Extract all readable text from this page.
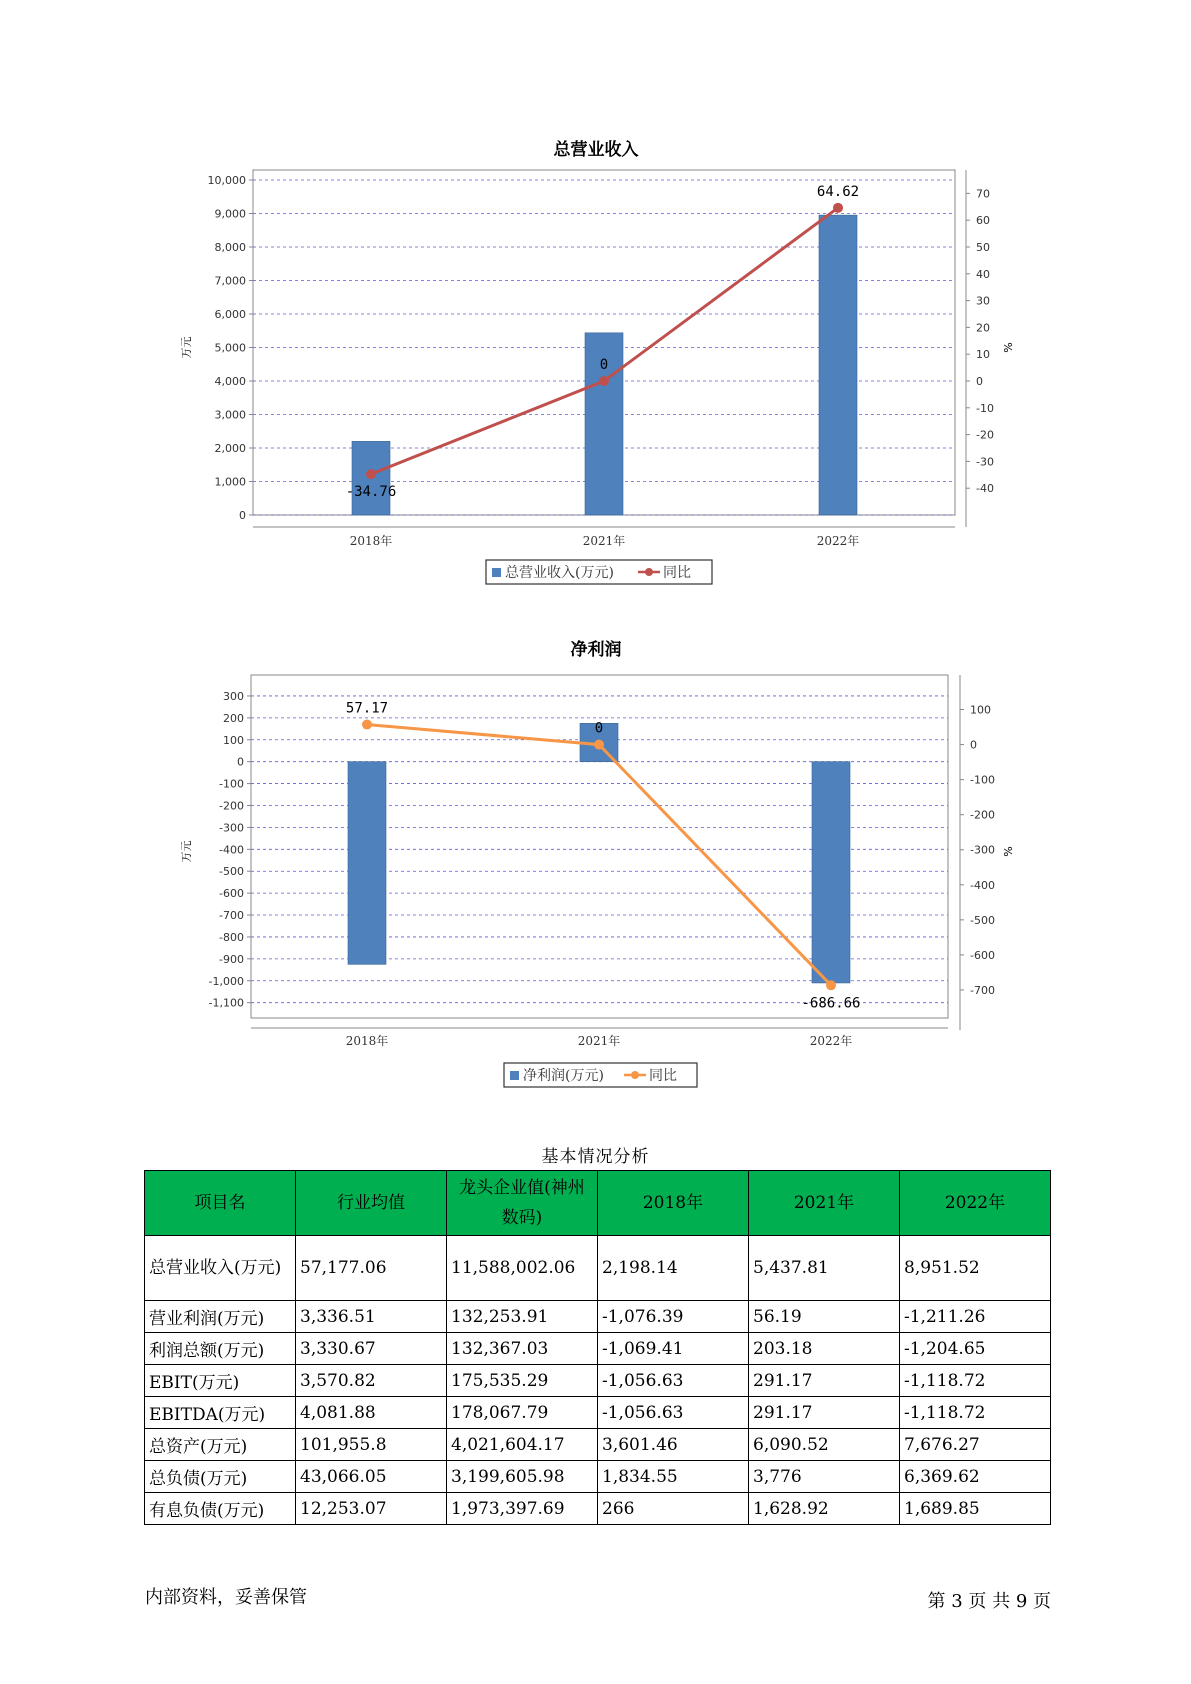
总营业收入
0
1,000
2,000
3,000
4,000
5,000
6,000
7,000
8,000
9,000
10,000
万元
-40
-30
-20
-10
0
10
20
30
40
50
60
70
%
2018年	2021年	2022年
-34.76
0
64.62
总营业收入(万元)	同比
净利润
300
200
100
0
-100
-200
-300
-400
-500
-600
-700
-800
-900
-1,000
-1,100
万元
100
0
-100
-200
-300
-400
-500
-600
-700
%
2018年	2021年	2022年
57.17
0
-686.66
净利润(万元)	同比
基本情况分析
项目名	行业均值	龙头企业值(神州数码)	2018年	2021年	2022年
总营业收入(万元)	57,177.06	11,588,002.06	2,198.14	5,437.81	8,951.52
营业利润(万元)	3,336.51	132,253.91	-1,076.39	56.19	-1,211.26
利润总额(万元)	3,330.67	132,367.03	-1,069.41	203.18	-1,204.65
EBIT(万元)	3,570.82	175,535.29	-1,056.63	291.17	-1,118.72
EBITDA(万元)	4,081.88	178,067.79	-1,056.63	291.17	-1,118.72
总资产(万元)	101,955.8	4,021,604.17	3,601.46	6,090.52	7,676.27
总负债(万元)	43,066.05	3,199,605.98	1,834.55	3,776	6,369.62
有息负债(万元)	12,253.07	1,973,397.69	266	1,628.92	1,689.85
内部资料，妥善保管	第 3 页 共 9 页
